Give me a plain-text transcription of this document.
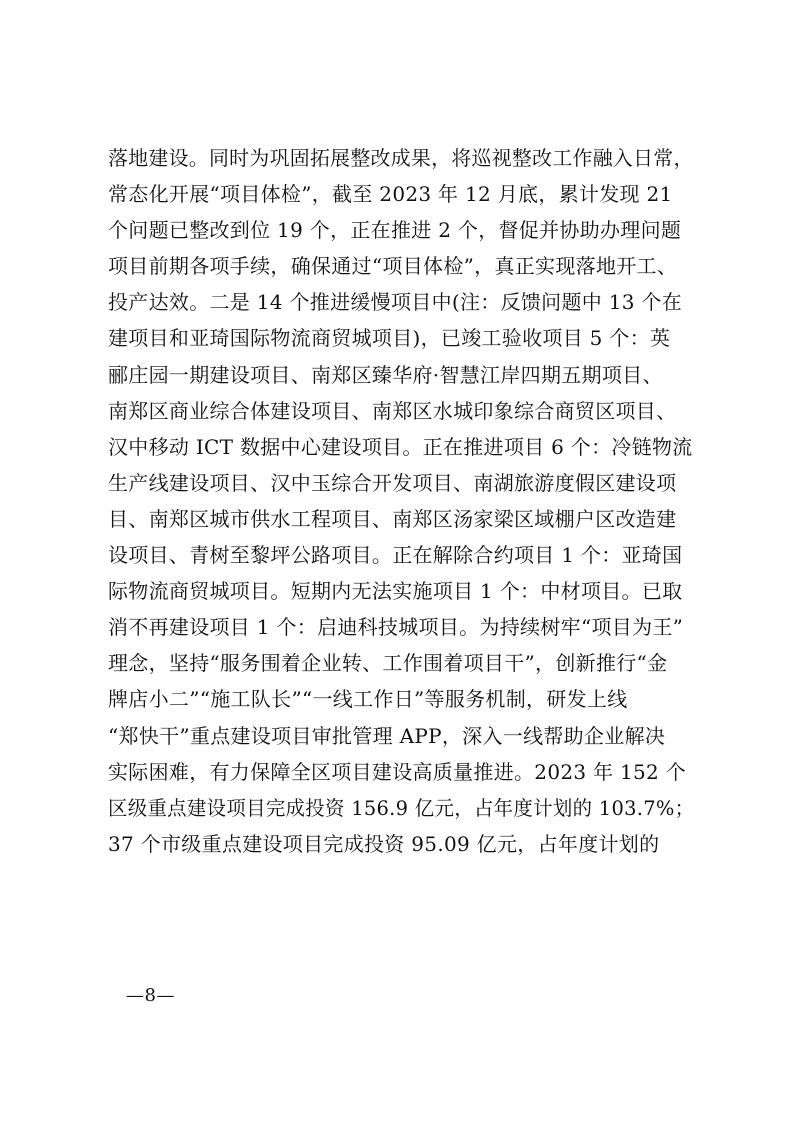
落地建设。同时为巩固拓展整改成果，将巡视整改工作融入日常，
常态化开展“项目体检”，截至 2023 年 12 月底，累计发现 21
个问题已整改到位 19 个，正在推进 2 个，督促并协助办理问题
项目前期各项手续，确保通过“项目体检”，真正实现落地开工、
投产达效。二是 14 个推进缓慢项目中(注：反馈问题中 13 个在
建项目和亚琦国际物流商贸城项目)，已竣工验收项目 5 个：英
郦庄园一期建设项目、南郑区臻华府·智慧江岸四期五期项目、
南郑区商业综合体建设项目、南郑区水城印象综合商贸区项目、
汉中移动 ICT 数据中心建设项目。正在推进项目 6 个：冷链物流
生产线建设项目、汉中玉综合开发项目、南湖旅游度假区建设项
目、南郑区城市供水工程项目、南郑区汤家梁区域棚户区改造建
设项目、青树至黎坪公路项目。正在解除合约项目 1 个：亚琦国
际物流商贸城项目。短期内无法实施项目 1 个：中材项目。已取
消不再建设项目 1 个：启迪科技城项目。为持续树牢“项目为王”
理念，坚持“服务围着企业转、工作围着项目干”，创新推行“金
牌店小二”“施工队长”“一线工作日”等服务机制，研发上线
“郑快干”重点建设项目审批管理 APP，深入一线帮助企业解决
实际困难，有力保障全区项目建设高质量推进。2023 年 152 个
区级重点建设项目完成投资 156.9 亿元，占年度计划的 103.7%；
37 个市级重点建设项目完成投资 95.09 亿元，占年度计划的
—8—
